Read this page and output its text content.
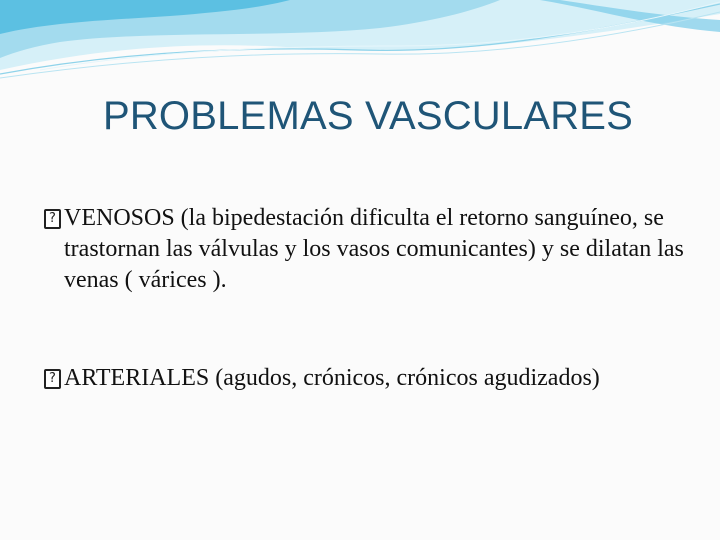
PROBLEMAS VASCULARES
? VENOSOS (la bipedestación dificulta el retorno sanguíneo, se trastornan las válvulas y los vasos comunicantes) y se dilatan las venas ( várices ).
? ARTERIALES (agudos, crónicos, crónicos agudizados)
